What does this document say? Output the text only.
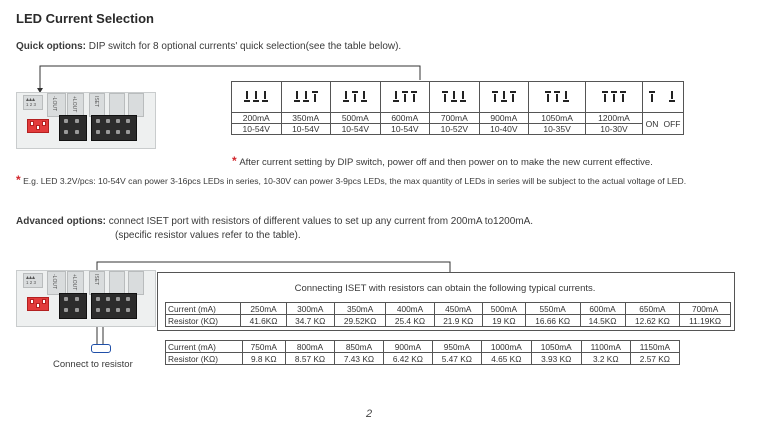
LED Current Selection
Quick options: DIP switch for 8 optional currents' quick selection(see the table below).
▴▴▴
1 2 3	-LOUT	+LOUT	ISET

200mA	350mA	500mA	600mA	700mA	900mA	1050mA	1200mA	ON	OFF
10-54V	10-54V	10-54V	10-54V	10-52V	10-40V	10-35V	10-30V		
* After current setting by DIP switch, power off and then power on to make the new current effective.
* E.g. LED 3.2V/pcs: 10-54V can power 3-16pcs LEDs in series, 10-30V can power 3-9pcs LEDs, the max quantity of LEDs in series will be subject to the actual voltage of LED.
Advanced options: connect ISET port with resistors of different values to set up any current from 200mA to1200mA.
(specific resistor values refer to the table).
▴▴▴
1 2 3	-LOUT	+LOUT	ISET
Connect to resistor
Connecting ISET with resistors can obtain the following typical currents.
Current (mA)	250mA	300mA	350mA	400mA	450mA	500mA	550mA	600mA	650mA	700mA
Resistor (KΩ)	41.6KΩ	34.7 KΩ	29.52KΩ	25.4 KΩ	21.9 KΩ	19 KΩ	16.66 KΩ	14.5KΩ	12.62 KΩ	11.19KΩ
Current (mA)	750mA	800mA	850mA	900mA	950mA	1000mA	1050mA	1100mA	1150mA
Resistor (KΩ)	9.8 KΩ	8.57 KΩ	7.43 KΩ	6.42 KΩ	5.47 KΩ	4.65 KΩ	3.93 KΩ	3.2 KΩ	2.57 KΩ
2
